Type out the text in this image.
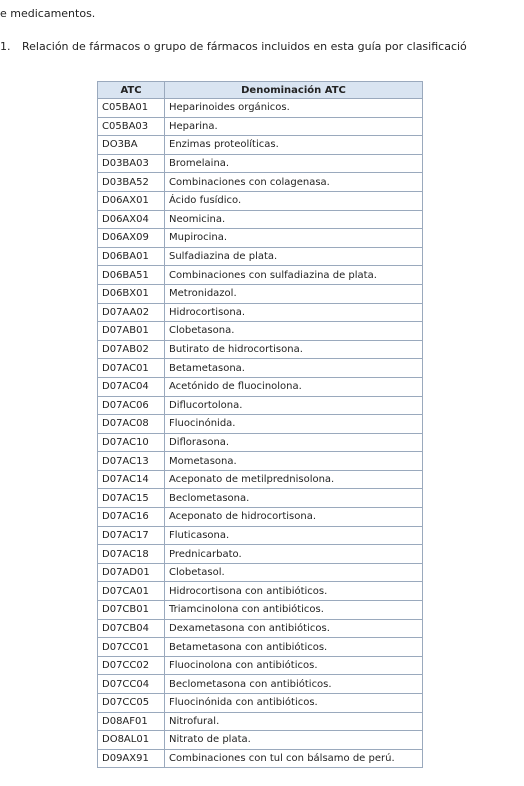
e medicamentos.
1. Relación de fármacos o grupo de fármacos incluidos en esta guía por clasificació
ATC	Denominación ATC
C05BA01	Heparinoides orgánicos.
C05BA03	Heparina.
DO3BA	Enzimas proteolíticas.
D03BA03	Bromelaina.
D03BA52	Combinaciones con colagenasa.
D06AX01	Ácido fusídico.
D06AX04	Neomicina.
D06AX09	Mupirocina.
D06BA01	Sulfadiazina de plata.
D06BA51	Combinaciones con sulfadiazina de plata.
D06BX01	Metronidazol.
D07AA02	Hidrocortisona.
D07AB01	Clobetasona.
D07AB02	Butirato de hidrocortisona.
D07AC01	Betametasona.
D07AC04	Acetónido de fluocinolona.
D07AC06	Diflucortolona.
D07AC08	Fluocinónida.
D07AC10	Diflorasona.
D07AC13	Mometasona.
D07AC14	Aceponato de metilprednisolona.
D07AC15	Beclometasona.
D07AC16	Aceponato de hidrocortisona.
D07AC17	Fluticasona.
D07AC18	Prednicarbato.
D07AD01	Clobetasol.
D07CA01	Hidrocortisona con antibióticos.
D07CB01	Triamcinolona con antibióticos.
D07CB04	Dexametasona con antibióticos.
D07CC01	Betametasona con antibióticos.
D07CC02	Fluocinolona con antibióticos.
D07CC04	Beclometasona con antibióticos.
D07CC05	Fluocinónida con antibióticos.
D08AF01	Nitrofural.
DO8AL01	Nitrato de plata.
D09AX91	Combinaciones con tul con bálsamo de perú.
